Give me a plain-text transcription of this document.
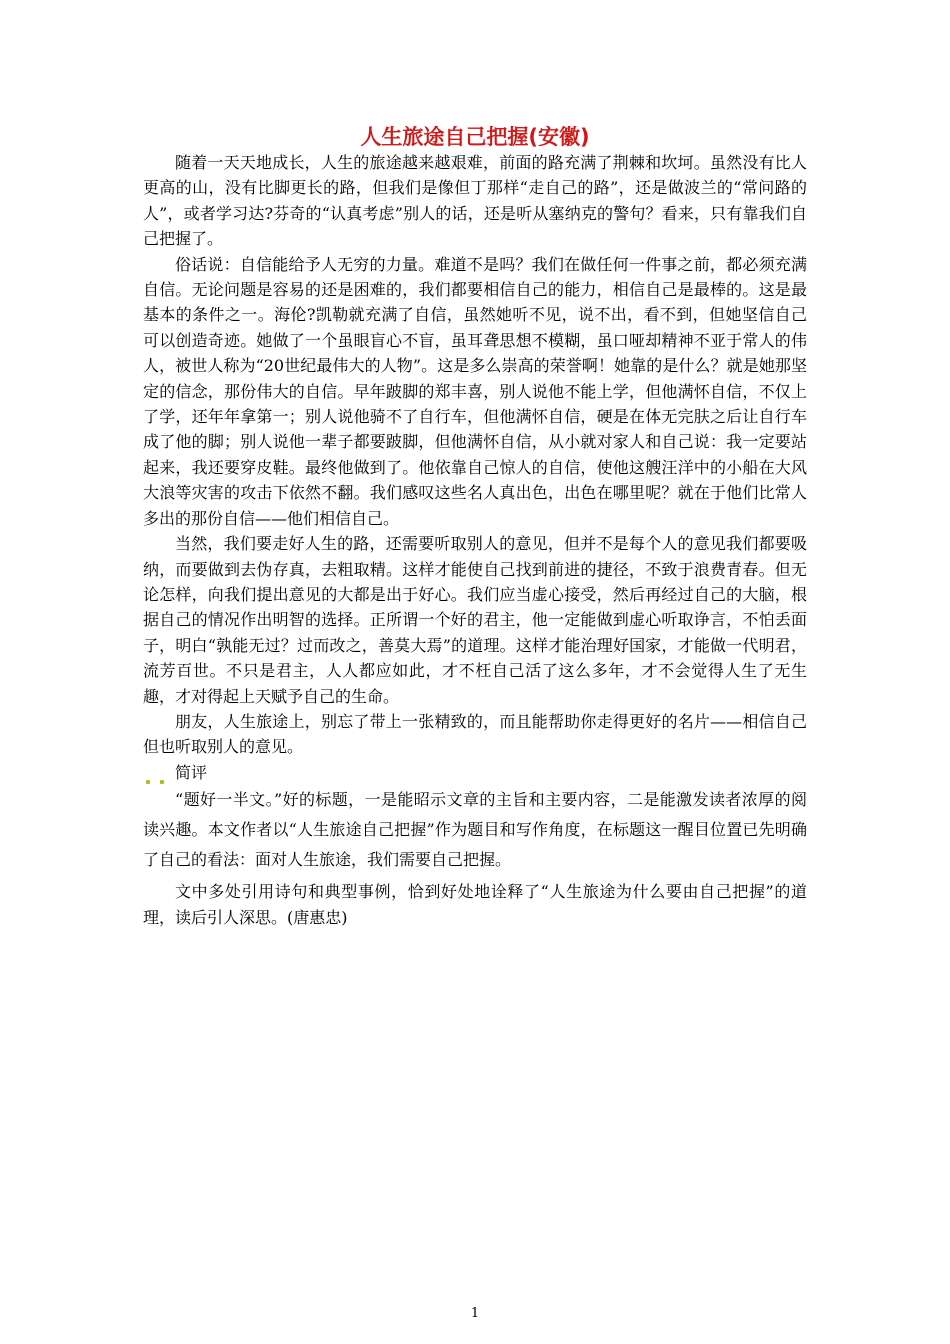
人生旅途自己把握(安徽)

随着一天天地成长，人生的旅途越来越艰难，前面的路充满了荆棘和坎坷。虽然没有比人更高的山，没有比脚更长的路，但我们是像但丁那样“走自己的路”，还是做波兰的“常问路的人”，或者学习达?芬奇的“认真考虑”别人的话，还是听从塞纳克的警句？看来，只有靠我们自己把握了。

俗话说：自信能给予人无穷的力量。难道不是吗？我们在做任何一件事之前，都必须充满自信。无论问题是容易的还是困难的，我们都要相信自己的能力，相信自己是最棒的。这是最基本的条件之一。海伦?凯勒就充满了自信，虽然她听不见，说不出，看不到，但她坚信自己可以创造奇迹。她做了一个虽眼盲心不盲，虽耳聋思想不模糊，虽口哑却精神不亚于常人的伟人，被世人称为“20世纪最伟大的人物”。这是多么崇高的荣誉啊！她靠的是什么？就是她那坚定的信念，那份伟大的自信。早年跛脚的郑丰喜，别人说他不能上学，但他满怀自信，不仅上了学，还年年拿第一；别人说他骑不了自行车，但他满怀自信，硬是在体无完肤之后让自行车成了他的脚；别人说他一辈子都要跛脚，但他满怀自信，从小就对家人和自己说：我一定要站起来，我还要穿皮鞋。最终他做到了。他依靠自己惊人的自信，使他这艘汪洋中的小船在大风大浪等灾害的攻击下依然不翻。我们感叹这些名人真出色，出色在哪里呢？就在于他们比常人多出的那份自信——他们相信自己。

当然，我们要走好人生的路，还需要听取别人的意见，但并不是每个人的意见我们都要吸纳，而要做到去伪存真，去粗取精。这样才能使自己找到前进的捷径，不致于浪费青春。但无论怎样，向我们提出意见的大都是出于好心。我们应当虚心接受，然后再经过自己的大脑，根据自己的情况作出明智的选择。正所谓一个好的君主，他一定能做到虚心听取诤言，不怕丢面子，明白“孰能无过？过而改之，善莫大焉”的道理。这样才能治理好国家，才能做一代明君，流芳百世。不只是君主，人人都应如此，才不枉自己活了这么多年，才不会觉得人生了无生趣，才对得起上天赋予自己的生命。

朋友，人生旅途上，别忘了带上一张精致的，而且能帮助你走得更好的名片——相信自己但也听取别人的意见。

简评

“题好一半文。”好的标题，一是能昭示文章的主旨和主要内容，二是能激发读者浓厚的阅读兴趣。本文作者以“人生旅途自己把握”作为题目和写作角度，在标题这一醒目位置已先明确了自己的看法：面对人生旅途，我们需要自己把握。

文中多处引用诗句和典型事例，恰到好处地诠释了“人生旅途为什么要由自己把握”的道理，读后引人深思。(唐惠忠)

1
